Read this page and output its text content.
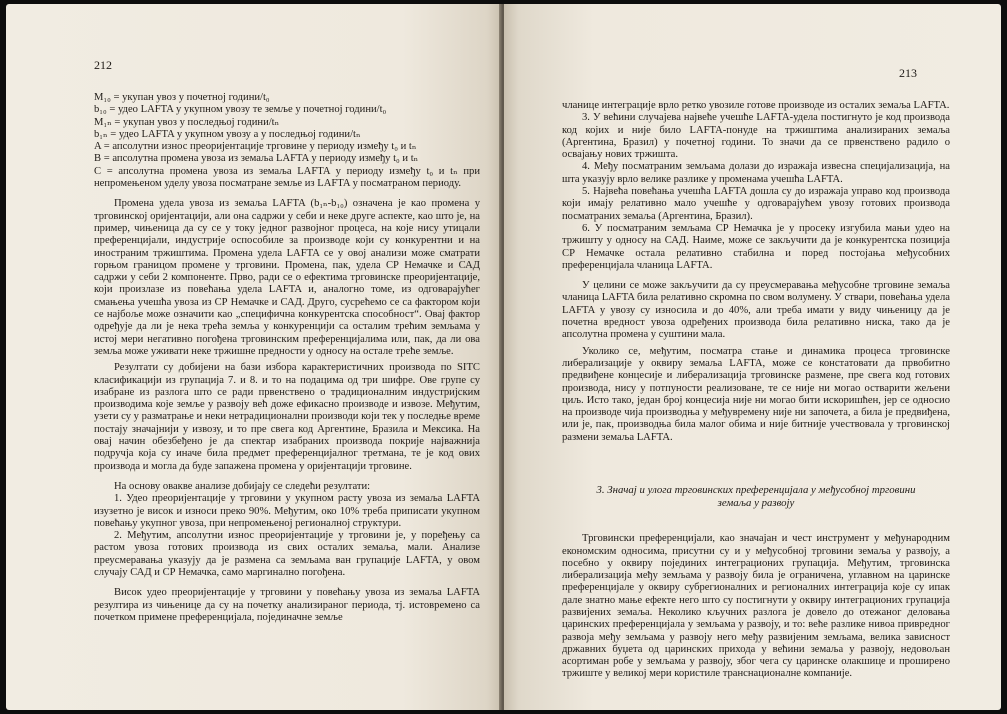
212

M₁₀ = укупан увоз у почетној години/t₀

b₁₀ = удео LAFTA у укупном увозу те земље у почетној години/t₀

M₁ₙ = укупан увоз у последњој години/tₙ

b₁ₙ = удео LAFTA у укупном увозу а у последњој години/tₙ

A = апсолутни износ преоријентације трговине у периоду између t₀ и tₙ

B = апсолутна промена увоза из земаља LAFTA у периоду између t₀ и tₙ

C = апсолутна промена увоза из земаља LAFTA у периоду између t₀ и tₙ при непромењеном уделу увоза посматране земље из LAFTA у посматраном периоду.

Промена удела увоза из земаља LAFTA (b₁ₙ-b₁₀) означена је као промена у трговинској оријентацији, али она садржи у себи и неке друге аспекте, као што је, на пример, чињеница да су се у току једног развојног процеса, на које нису утицали преференцијали, индустрије оспособиле за производе који су конкурентни и на иностраним тржиштима. Промена удела LAFTA се у овој анализи може сматрати горњом границом промене у трговини. Промена, пак, удела СР Немачке и САД садржи у себи 2 компоненте. Прво, ради се о ефектима трговинске преоријентације, који произлазе из повећања удела LAFTA и, аналогно томе, из одговарајућег смањења учешћа увоза из СР Немачке и САД. Друго, сусрећемо се са фактором који се најбоље може означити као „специфична конкурентска способност“. Овај фактор одређује да ли је нека трећа земља у конкуренцији са осталим трећим земљама у истој мери негативно погођена трговинским преференцијалима или, пак, да ли ова земља може уживати неке тржишне предности у односу на остале треће земље.

Резултати су добијени на бази избора карактеристичних производа по SITC класификацији из групација 7. и 8. и то на подацима од три шифре. Ове групе су изабране из разлога што се ради првенствено о традиционалним индустријским производима које земље у развоју већ доже ефикасно производе и извозе. Међутим, узети су у разматрање и неки нетрадиционални производи који тек у последње време постају значајнији у извозу, и то пре свега код Аргентине, Бразила и Мексика. На овај начин обезбеђено је да спектар изабраних производа покрије најважнија подручја која су иначе била предмет преференцијалног третмана, те је код ових производа и могла да буде запажена промена у оријентацији трговине.

На основу овакве анализе добијају се следећи резултати:

1. Удео преоријентације у трговини у укупном расту увоза из земаља LAFTA изузетно је висок и износи преко 90%. Међутим, око 10% треба приписати укупном повећању укупног увоза, при непромењеној регионалној структури.

2. Међутим, апсолутни износ преоријентације у трговини је, у поређењу са растом увоза готових производа из свих осталих земаља, мали. Анализе преусмеравања указују да је размена са земљама ван групације LAFTA, у овом случају САД и СР Немачка, само маргинално погођена.

Висок удео преоријентације у трговини у повећању увоза из земаља LAFTA резултира из чињенице да су на почетку анализираног периода, тј. истовремено са почетком примене преференцијала, појединачне земље

213

чланице интеграције врло ретко увозиле готове производе из осталих земаља LAFTA.

3. У већини случајева највеће учешће LAFTA-удела постигнуто је код производа код којих и није било LAFTA-понуде на тржиштима анализираних земаља (Аргентина, Бразил) у почетној години. То значи да се првенствено радило о освајању нових тржишта.

4. Међу посматраним земљама долази до изражаја извесна специјализација, на шта указују врло велике разлике у променама учешћа LAFTA.

5. Највећа повећања учешћа LAFTA дошла су до изражаја управо код производа који имају релативно мало учешће у одговарајућем увозу готових производа посматраних земаља (Аргентина, Бразил).

6. У посматраним земљама СР Немачка је у просеку изгубила мањи удео на тржишту у односу на САД. Наиме, може се закључити да је конкурентска позиција СР Немачке остала релативно стабилна и поред постојања међусобних преференцијала чланица LAFTA.

У целини се може закључити да су преусмеравања међусобне трговине земаља чланица LAFTA била релативно скромна по свом волумену. У ствари, повећања удела LAFTA у увозу су износила и до 40%, али треба имати у виду чињеницу да је почетна вредност увоза одређених производа била релативно ниска, тако да је апсолутна промена у суштини мала.

Уколико се, међутим, посматра стање и динамика процеса трговинске либерализације у оквиру земаља LAFTA, може се констатовати да првобитно предвиђене концесије и либерализација трговинске размене, пре свега код готових производа, нису у потпуности реализоване, те се није ни могао остварити жељени циљ. Исто тако, један број концесија није ни могао бити искоришћен, јер се односио на производе чија производња у међувремену није ни започета, а била је предвиђена, или је, пак, производња била малог обима и није битније учествовала у трговинској размени земаља LAFTA.

3. Значај и улога трговинских преференцијала у међусобној трговини
земаља у развоју

Трговински преференцијали, као значајан и чест инструмент у међународним економским односима, присутни су и у међусобној трговини земаља у развоју, а посебно у оквиру појединих интеграционих групација. Међутим, трговинска либерализација међу земљама у развоју била је ограничена, углавном на царинске преференцијале у оквиру субрегионалних и регионалних интеграција које су ипак дале знатно мање ефекте него што су постигнути у оквиру интеграционих групација развијених земаља. Неколико кључних разлога је довело до отежаног деловања царинских преференцијала у земљама у развоју, и то: веће разлике нивоа привредног развоја међу земљама у развоју него међу развијеним земљама, велика зависност државних буџета од царинских прихода у већини земаља у развоју, недовољан асортиман робе у земљама у развоју, због чега су царинске олакшице и проширено тржиште у великој мери користиле транснационалне компаније.
